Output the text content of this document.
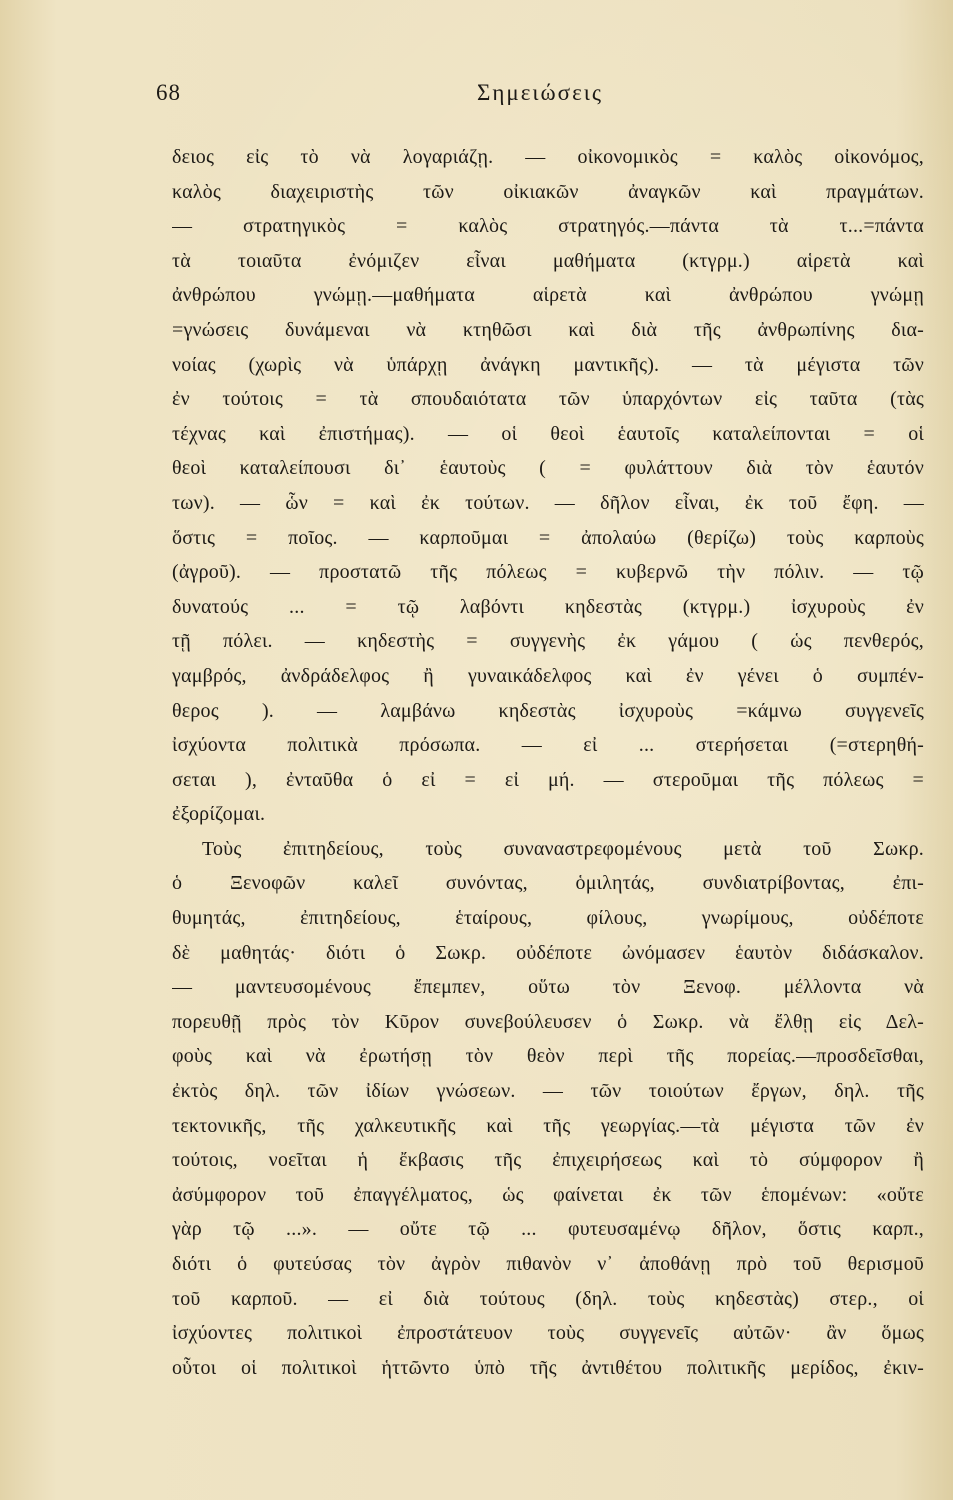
68	Σημειώσεις
δειος εἰς τὸ νὰ λογαριάζῃ. — οἰκονομικὸς = καλὸς οἰκονόμος,
καλὸς διαχειριστὴς τῶν οἰκιακῶν ἀναγκῶν καὶ πραγμάτων.
— στρατηγικὸς = καλὸς στρατηγός.—πάντα τὰ τ...=πάντα
τὰ τοιαῦτα ἐνόμιζεν εἶναι μαθήματα (κτγρμ.) αἱρετὰ καὶ
ἀνθρώπου γνώμῃ.—μαθήματα αἱρετὰ καὶ ἀνθρώπου γνώμῃ
=γνώσεις δυνάμεναι νὰ κτηθῶσι καὶ διὰ τῆς ἀνθρωπίνης δια-
νοίας (χωρὶς νὰ ὑπάρχῃ ἀνάγκη μαντικῆς). — τὰ μέγιστα τῶν
ἐν τούτοις = τὰ σπουδαιότατα τῶν ὑπαρχόντων εἰς ταῦτα (τὰς
τέχνας καὶ ἐπιστήμας). — οἱ θεοὶ ἑαυτοῖς καταλείπονται = οἱ
θεοὶ καταλείπουσι δι᾽ ἑαυτοὺς ( = φυλάττουν διὰ τὸν ἑαυτόν
των). — ὧν = καὶ ἐκ τούτων. — δῆλον εἶναι, ἐκ τοῦ ἔφη. —
ὅστις = ποῖος. — καρποῦμαι = ἀπολαύω (θερίζω) τοὺς καρποὺς
(ἀγροῦ). — προστατῶ τῆς πόλεως = κυβερνῶ τὴν πόλιν. — τῷ
δυνατούς ... = τῷ λαβόντι κηδεστὰς (κτγρμ.) ἰσχυροὺς ἐν
τῇ πόλει. — κηδεστὴς = συγγενὴς ἐκ γάμου ( ὡς πενθερός,
γαμβρός, ἀνδράδελφος ἢ γυναικάδελφος καὶ ἐν γένει ὁ συμπέν-
θερος ). — λαμβάνω κηδεστὰς ἰσχυροὺς =κάμνω συγγενεῖς
ἰσχύοντα πολιτικὰ πρόσωπα. — εἰ ... στερήσεται (=στερηθή-
σεται ), ἐνταῦθα ὁ εἰ = εἰ μή. — στεροῦμαι τῆς πόλεως =
ἐξορίζομαι.
Τοὺς ἐπιτηδείους, τοὺς συναναστρεφομένους μετὰ τοῦ Σωκρ.
ὁ Ξενοφῶν καλεῖ συνόντας, ὁμιλητάς, συνδιατρίβοντας, ἐπι-
θυμητάς, ἐπιτηδείους, ἑταίρους, φίλους, γνωρίμους, οὐδέποτε
δὲ μαθητάς· διότι ὁ Σωκρ. οὐδέποτε ὠνόμασεν ἑαυτὸν διδάσκαλον.
— μαντευσομένους ἔπεμπεν, οὕτω τὸν Ξενοφ. μέλλοντα νὰ
πορευθῇ πρὸς τὸν Κῦρον συνεβούλευσεν ὁ Σωκρ. νὰ ἔλθῃ εἰς Δελ-
φοὺς καὶ νὰ ἐρωτήσῃ τὸν θεὸν περὶ τῆς πορείας.—προσδεῖσθαι,
ἐκτὸς δηλ. τῶν ἰδίων γνώσεων. — τῶν τοιούτων ἔργων, δηλ. τῆς
τεκτονικῆς, τῆς χαλκευτικῆς καὶ τῆς γεωργίας.—τὰ μέγιστα τῶν ἐν
τούτοις, νοεῖται ἡ ἔκβασις τῆς ἐπιχειρήσεως καὶ τὸ σύμφορον ἢ
ἀσύμφορον τοῦ ἐπαγγέλματος, ὡς φαίνεται ἐκ τῶν ἑπομένων: «οὔτε
γὰρ τῷ ...». — οὔτε τῷ ... φυτευσαμένῳ δῆλον, ὅστις καρπ.,
διότι ὁ φυτεύσας τὸν ἀγρὸν πιθανὸν ν᾽ ἀποθάνῃ πρὸ τοῦ θερισμοῦ
τοῦ καρποῦ. — εἰ διὰ τούτους (δηλ. τοὺς κηδεστὰς) στερ., οἱ
ἰσχύοντες πολιτικοὶ ἐπροστάτευον τοὺς συγγενεῖς αὐτῶν· ἂν ὅμως
οὗτοι οἱ πολιτικοὶ ἡττῶντο ὑπὸ τῆς ἀντιθέτου πολιτικῆς μερίδος, ἐκιν-
